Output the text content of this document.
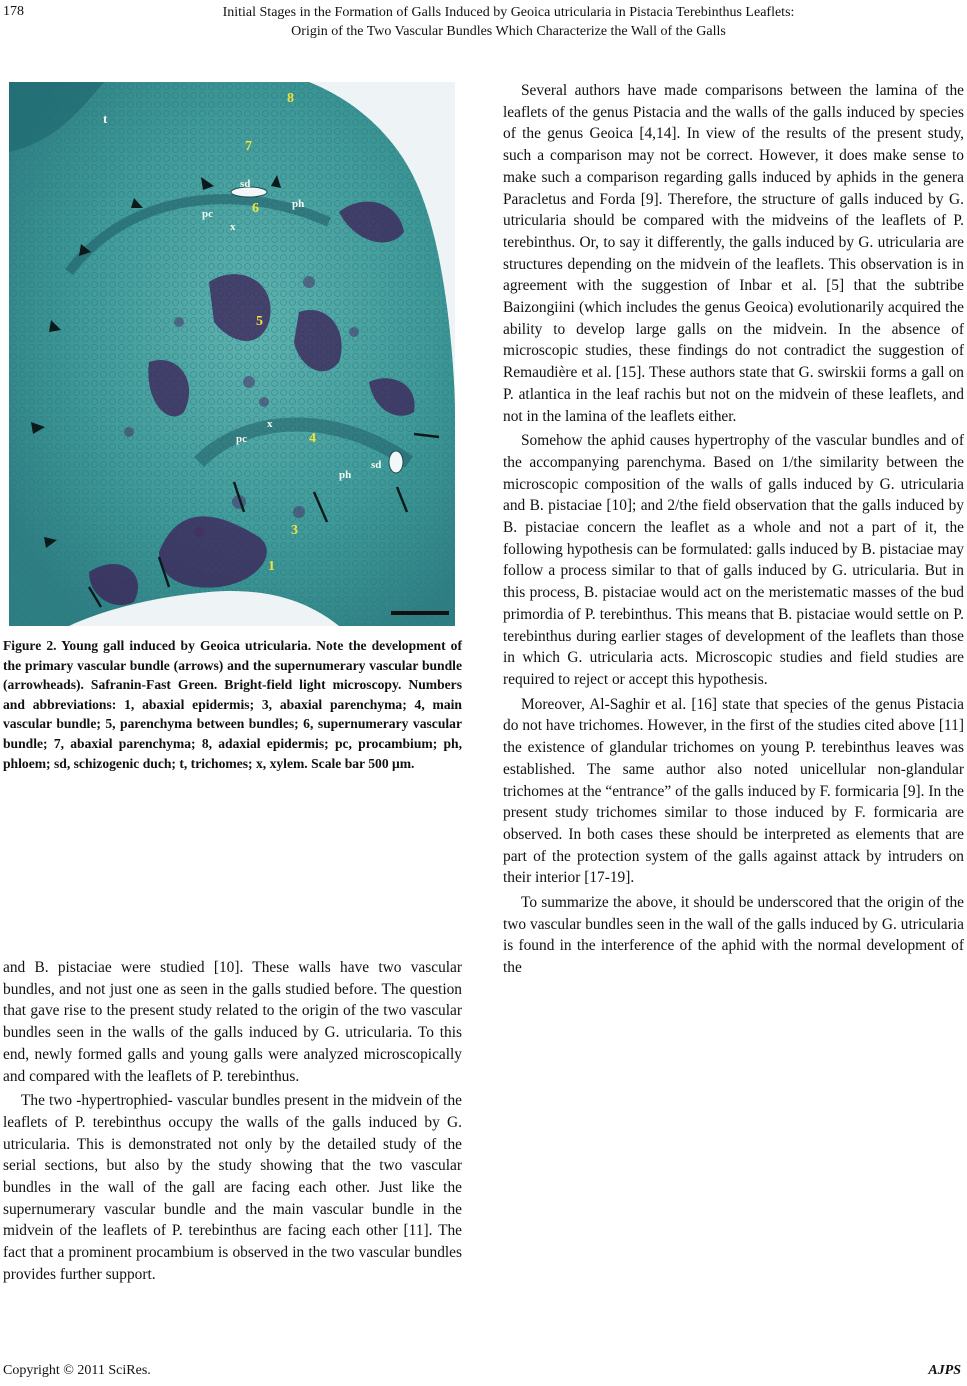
178	Initial Stages in the Formation of Galls Induced by Geoica utricularia in Pistacia Terebinthus Leaflets:
Origin of the Two Vascular Bundles Which Characterize the Wall of the Galls
8
7
sd
ph
pc	6
x
t
5
x
pc	4
sd
ph
3
1
Figure 2. Young gall induced by Geoica utricularia. Note the development of the primary vascular bundle (arrows) and the supernumerary vascular bundle (arrowheads). Safranin-Fast Green. Bright-field light microscopy. Numbers and abbreviations: 1, abaxial epidermis; 3, abaxial parenchyma; 4, main vascular bundle; 5, parenchyma between bundles; 6, supernumerary vascular bundle; 7, abaxial parenchyma; 8, adaxial epidermis; pc, procambium; ph, phloem; sd, schizogenic duch; t, trichomes; x, xylem. Scale bar 500 μm.

and B. pistaciae were studied [10]. These walls have two vascular bundles, and not just one as seen in the galls studied before. The question that gave rise to the present study related to the origin of the two vascular bundles seen in the walls of the galls induced by G. utricularia. To this end, newly formed galls and young galls were analyzed microscopically and compared with the leaflets of P. terebinthus.

The two -hypertrophied- vascular bundles present in the midvein of the leaflets of P. terebinthus occupy the walls of the galls induced by G. utricularia. This is demonstrated not only by the detailed study of the serial sections, but also by the study showing that the two vascular bundles in the wall of the gall are facing each other. Just like the supernumerary vascular bundle and the main vascular bundle in the midvein of the leaflets of P. terebinthus are facing each other [11]. The fact that a prominent procambium is observed in the two vascular bundles provides further support.

Several authors have made comparisons between the lamina of the leaflets of the genus Pistacia and the walls of the galls induced by species of the genus Geoica [4,14]. In view of the results of the present study, such a comparison may not be correct. However, it does make sense to make such a comparison regarding galls induced by aphids in the genera Paracletus and Forda [9]. Therefore, the structure of galls induced by G. utricularia should be compared with the midveins of the leaflets of P. terebinthus. Or, to say it differently, the galls induced by G. utricularia are structures depending on the midvein of the leaflets. This observation is in agreement with the suggestion of Inbar et al. [5] that the subtribe Baizongiini (which includes the genus Geoica) evolutionarily acquired the ability to develop large galls on the midvein. In the absence of microscopic studies, these findings do not contradict the suggestion of Remaudière et al. [15]. These authors state that G. swirskii forms a gall on P. atlantica in the leaf rachis but not on the midvein of these leaflets, and not in the lamina of the leaflets either.

Somehow the aphid causes hypertrophy of the vascular bundles and of the accompanying parenchyma. Based on 1/the similarity between the microscopic composition of the walls of galls induced by G. utricularia and B. pistaciae [10]; and 2/the field observation that the galls induced by B. pistaciae concern the leaflet as a whole and not a part of it, the following hypothesis can be formulated: galls induced by B. pistaciae may follow a process similar to that of galls induced by G. utricularia. But in this process, B. pistaciae would act on the meristematic masses of the bud primordia of P. terebinthus. This means that B. pistaciae would settle on P. terebinthus during earlier stages of development of the leaflets than those in which G. utricularia acts. Microscopic studies and field studies are required to reject or accept this hypothesis.

Moreover, Al-Saghir et al. [16] state that species of the genus Pistacia do not have trichomes. However, in the first of the studies cited above [11] the existence of glandular trichomes on young P. terebinthus leaves was established. The same author also noted unicellular non-glandular trichomes at the “entrance” of the galls induced by F. formicaria [9]. In the present study trichomes similar to those induced by F. formicaria are observed. In both cases these should be interpreted as elements that are part of the protection system of the galls against attack by intruders on their interior [17-19].

To summarize the above, it should be underscored that the origin of the two vascular bundles seen in the wall of the galls induced by G. utricularia is found in the interference of the aphid with the normal development of the

Copyright © 2011 SciRes.	AJPS
